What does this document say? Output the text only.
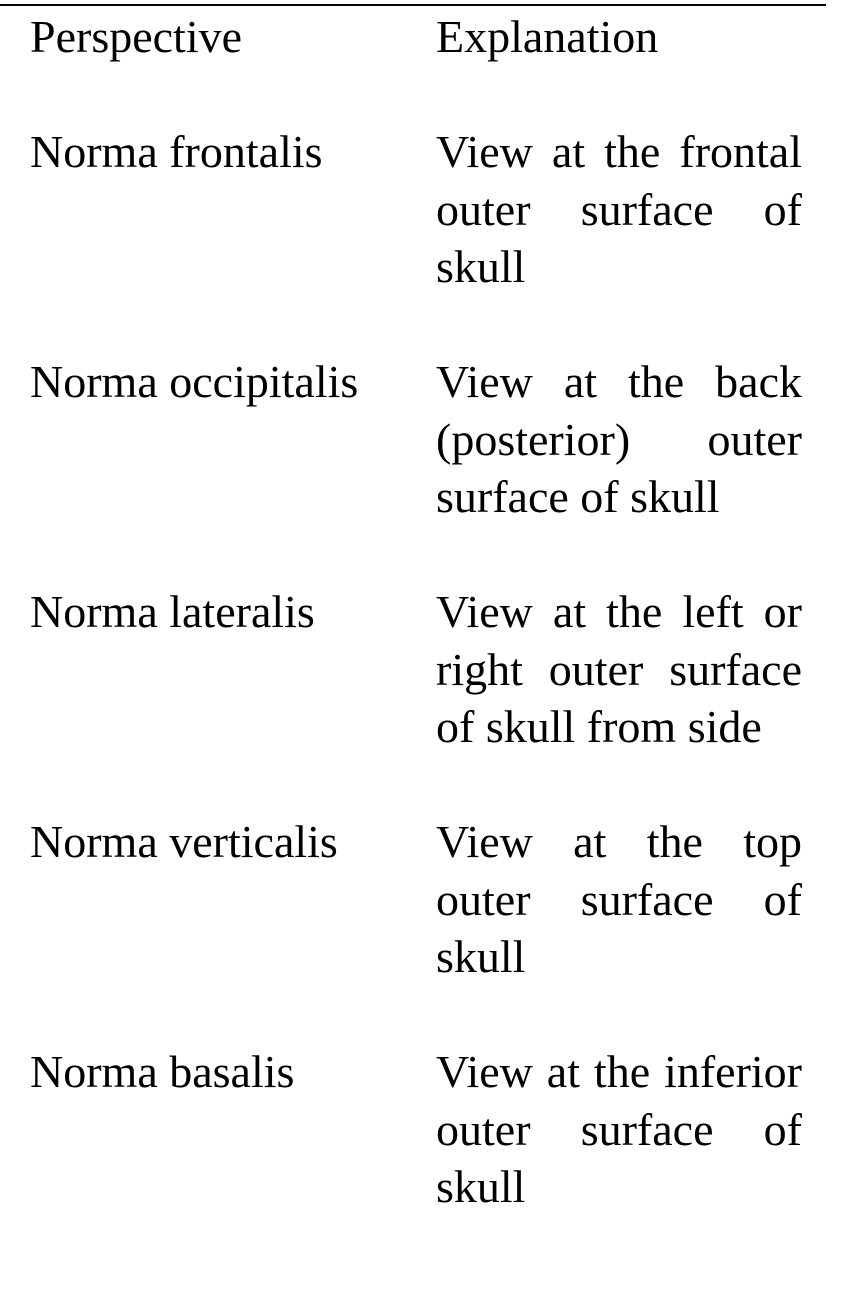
Perspective	Explanation
Norma frontalis	View at the frontal outer surface of skull
Norma occipitalis	View at the back (posterior) outer surface of skull
Norma lateralis	View at the left or right outer surface of skull from side
Norma verticalis	View at the top outer surface of skull
Norma basalis	View at the inferior outer surface of skull
